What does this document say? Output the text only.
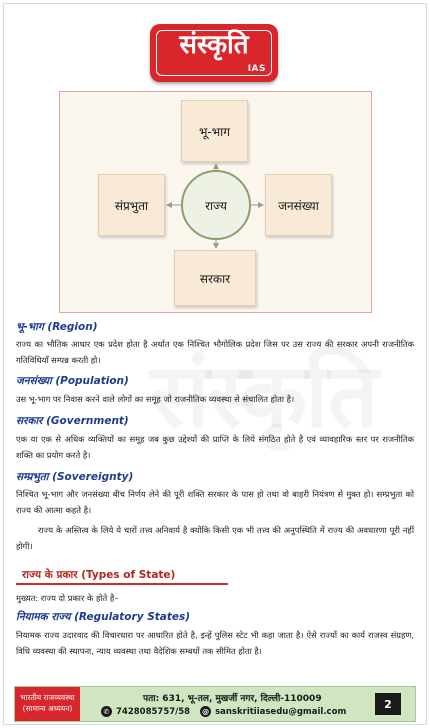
संस्कृति
IAS
भू-भाग
संप्रभुता	जनसंख्या
सरकार
राज्य
भू-भाग (Region)
राज्य का भौतिक आधार एक प्रदेश होता है अर्थात एक निश्चित भौगोलिक प्रदेश जिस पर उस राज्य की सरकार अपनी राजनीतिक गतिविधियाँ सम्पन्न करती हो।
जनसंख्या (Population)
उस भू-भाग पर निवास करने वाले लोगों का समूह जो राजनीतिक व्यवस्था से संचालित होता है।
सरकार (Government)
एक या एक से अधिक व्यक्तियों का समूह जब कुछ उद्देश्यों की प्राप्ति के लिये संगठित होते है एवं व्यावहारिक स्तर पर राजनीतिक शक्ति का प्रयोग करते है।
सम्प्रभुता (Sovereignty)
निश्चित भू-भाग और जनसंख्या बीच निर्णय लेने की पूरी शक्ति सरकार के पास हो तथा वो बाहरी नियंत्रण से मुक्त हो। सम्प्रभुता को राज्य की आत्मा कहते है।
राज्य के अस्तित्व के लिये ये चारों तत्त्व अनिवार्य है क्योंकि किसी एक भी तत्त्व की अनुपस्थिति में राज्य की अवधारणा पूरी नहीं होगी।
राज्य के प्रकार (Types of State)
मुख्यत: राज्य दो प्रकार के होते है–
नियामक राज्य (Regulatory States)
नियामक राज्य उदारवाद की विचारधारा पर आधारित होते है, इन्हें पुलिस स्टेट भी कहा जाता है। ऐसे राज्यों का कार्य राजस्व संग्रहण, विधि व्यवस्था की स्थापना, न्याय व्यवस्था तथा वैदेशिक सम्बधों तक सीमित होता है।
भारतीय राजव्यवस्था
(सामान्य अध्ययन)
पता: 631, भू-तल, मुखर्जी नगर, दिल्ली-110009
✆ 7428085757/58 @ sanskritiiasedu@gmail.com
2
